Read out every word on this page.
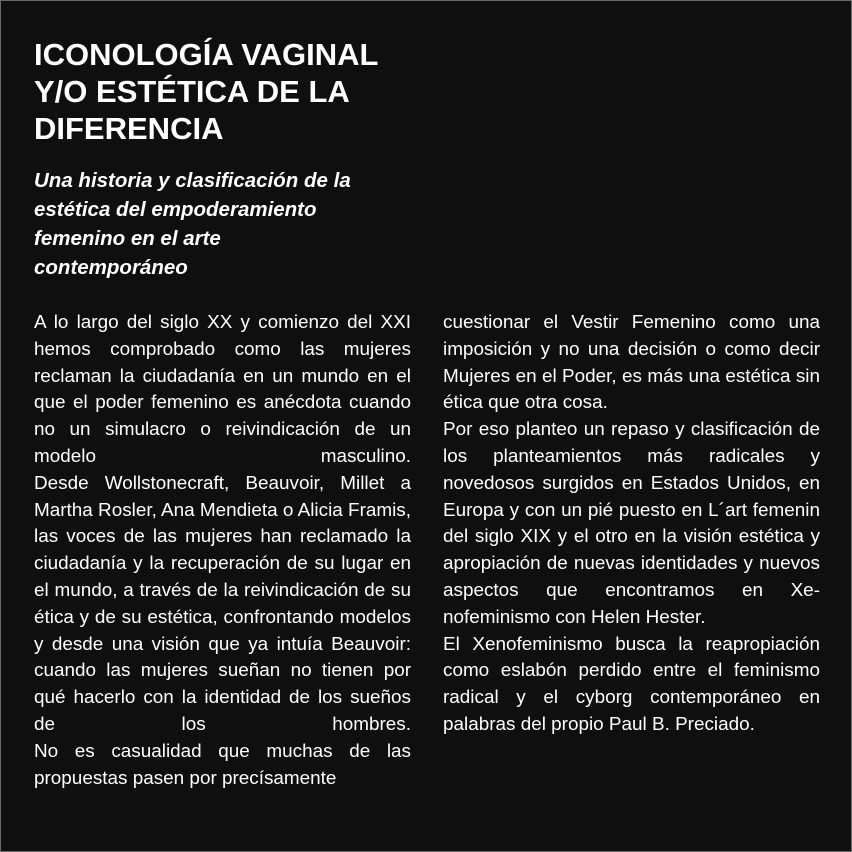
ICONOLOGÍA VAGINAL
Y/O ESTÉTICA DE LA
DIFERENCIA
Una historia y clasificación de la
estética del empoderamiento
femenino en el arte
contemporáneo

A lo largo del siglo XX y comienzo del XXI hemos comprobado como las mujeres reclaman la ciudadanía en un mundo en el que el poder femenino es anécdota cuando no un simulacro o reivindicación de un modelo masculino.

Desde Wollstonecraft, Beauvoir, Millet a Martha Rosler, Ana Mendieta o Alicia Framis, las voces de las mujeres han reclamado la ciudadanía y la recuperación de su lugar en el mundo, a través de la reivindicación de su ética y de su estética, confrontando modelos y desde una visión que ya intuía Beauvoir: cuando las mujeres sueñan no tienen por qué hacerlo con la identidad de los sueños de los hombres.

No es casualidad que muchas de las propuestas pasen por precísamente

cuestionar el Vestir Femenino como una imposición y no una decisión o como decir Mujeres en el Poder, es más una estética sin ética que otra cosa.

Por eso planteo un repaso y clasificación de los planteamientos más radicales y novedosos surgidos en Estados Unidos, en Europa y con un pié puesto en L´art femenin del siglo XIX y el otro en la visión estética y apropiación de nuevas identidades y nuevos aspectos que encontramos en Xenofeminismo con Helen Hester.

El Xenofeminismo busca la reapropiación como eslabón perdido entre el feminismo radical y el cyborg contemporáneo en palabras del propio Paul B. Preciado.
